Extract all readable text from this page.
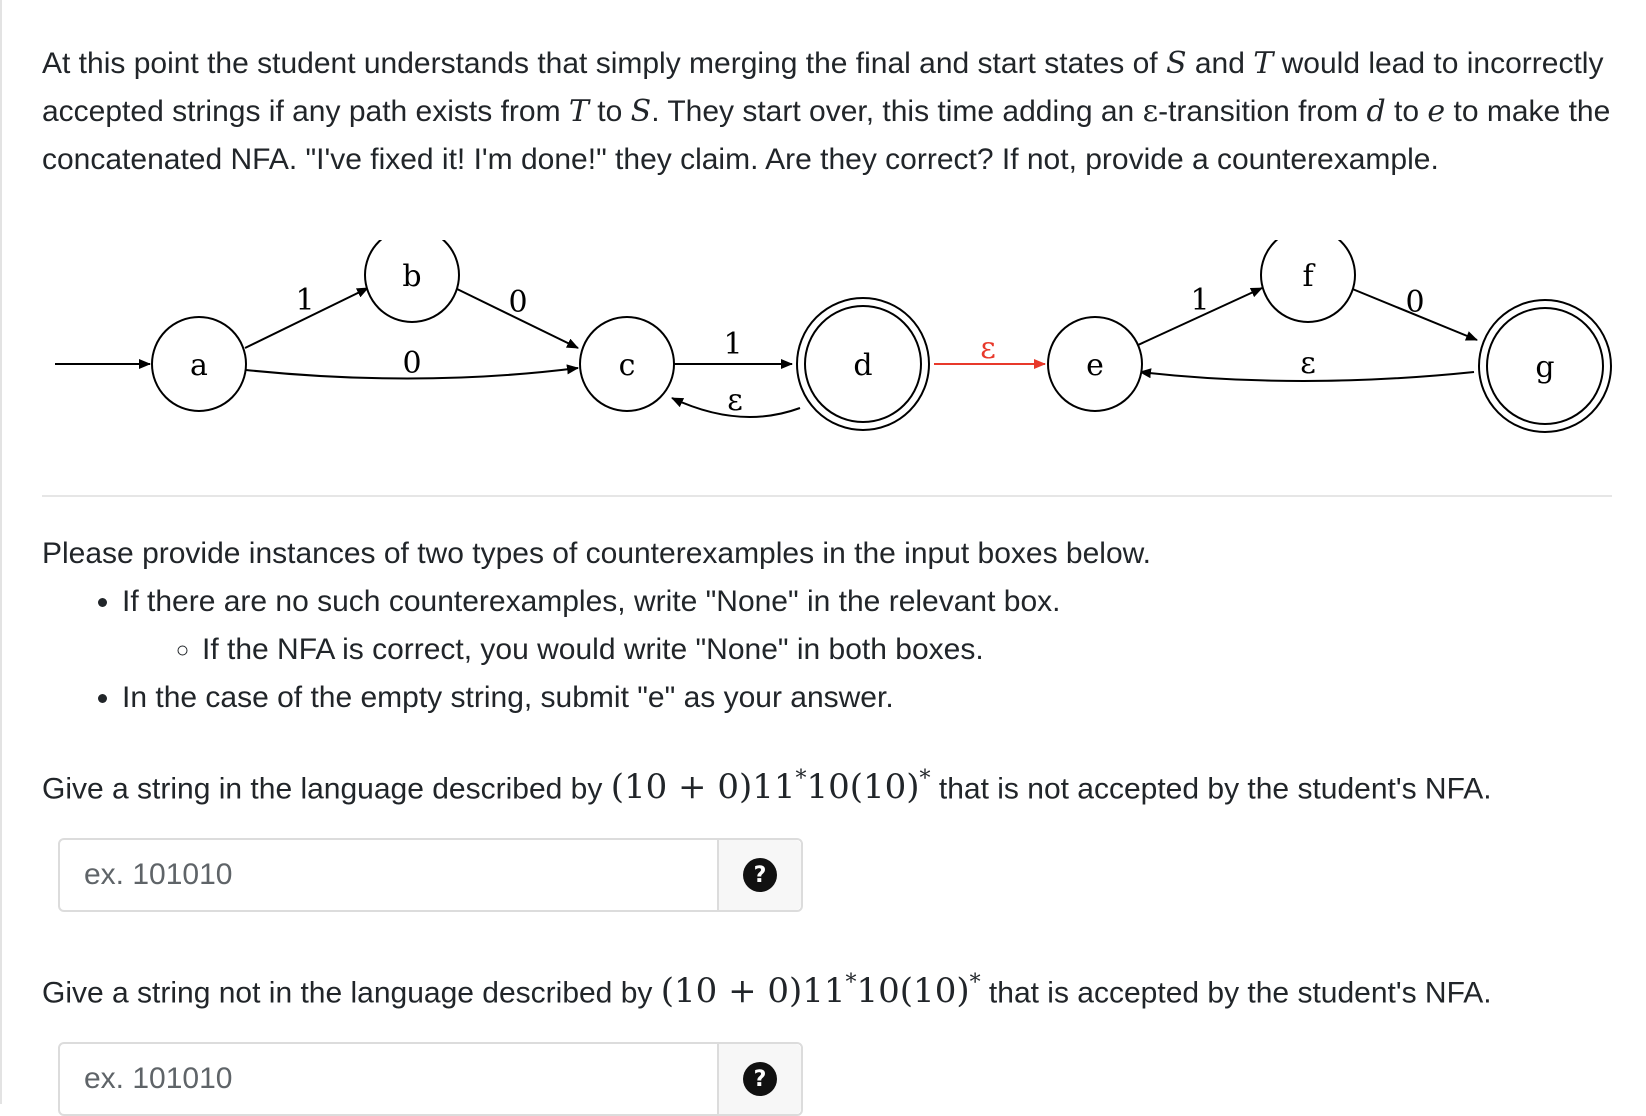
At this point the student understands that simply merging the final and start states of S and T would lead to incorrectly accepted strings if any path exists from T to S. They start over, this time adding an ε-transition from d to e to make the concatenated NFA. "I've fixed it! I'm done!" they claim. Are they correct? If not, provide a counterexample.

a
b
c	d	e
f
g
1	0
0
1
ε
ε
1	0
ε
Please provide instances of two types of counterexamples in the input boxes below.
• If there are no such counterexamples, write "None" in the relevant box.
◦ If the NFA is correct, you would write "None" in both boxes.
• In the case of the empty string, submit "e" as your answer.
Give a string in the language described by (10 + 0)11*10(10)* that is not accepted by the student's NFA.
ex. 101010
?
Give a string not in the language described by (10 + 0)11*10(10)* that is accepted by the student's NFA.
ex. 101010
?
